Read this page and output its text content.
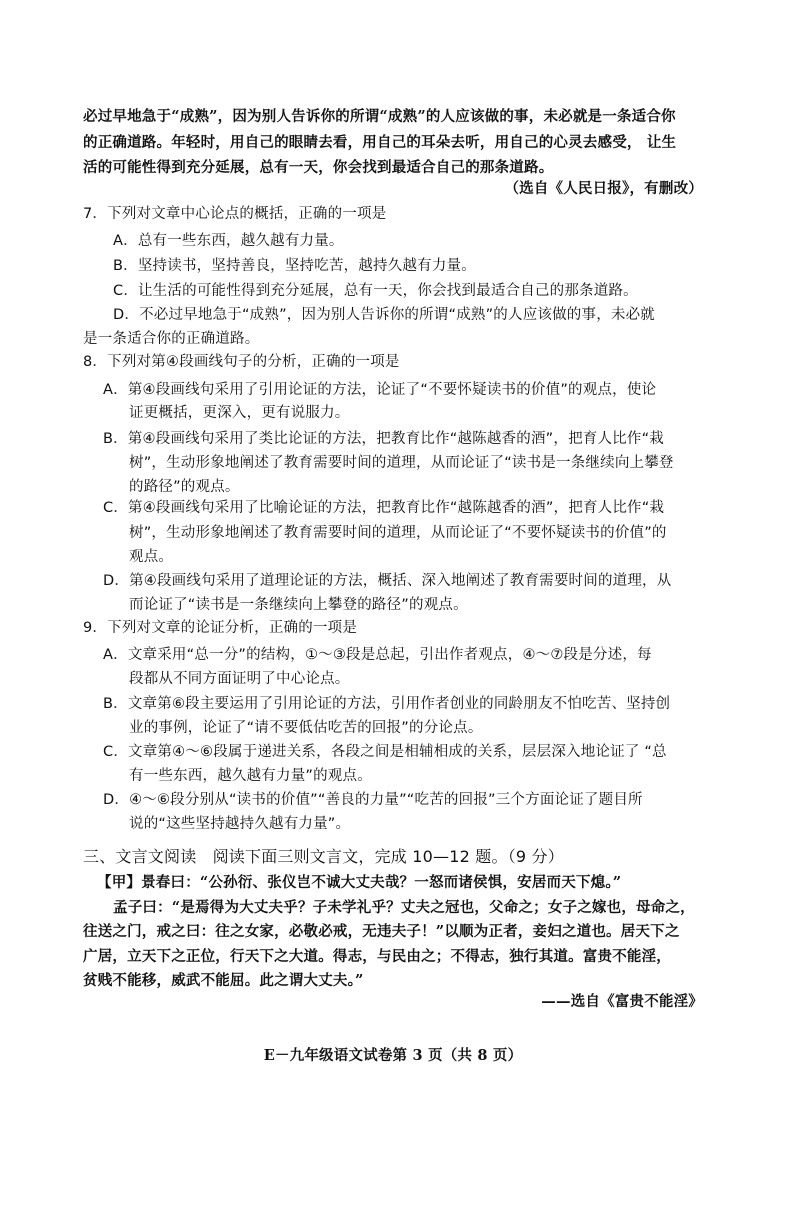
必过早地急于“成熟”，因为别人告诉你的所谓“成熟”的人应该做的事，未必就是一条适合你
的正确道路。年轻时，用自己的眼睛去看，用自己的耳朵去听，用自己的心灵去感受， 让生
活的可能性得到充分延展，总有一天，你会找到最适合自己的那条道路。
（选自《人民日报》，有删改）
7．下列对文章中心论点的概括，正确的一项是
A．总有一些东西，越久越有力量。
B．坚持读书，坚持善良，坚持吃苦，越持久越有力量。
C．让生活的可能性得到充分延展，总有一天，你会找到最适合自己的那条道路。
D．不必过早地急于“成熟”，因为别人告诉你的所谓“成熟”的人应该做的事，未必就
是一条适合你的正确道路。
8．下列对第④段画线句子的分析，正确的一项是
A．第④段画线句采用了引用论证的方法，论证了“不要怀疑读书的价值”的观点，使论
证更概括，更深入，更有说服力。
B．第④段画线句采用了类比论证的方法，把教育比作“越陈越香的酒”，把育人比作“栽
树”，生动形象地阐述了教育需要时间的道理，从而论证了“读书是一条继续向上攀登
的路径”的观点。
C．第④段画线句采用了比喻论证的方法，把教育比作“越陈越香的酒”，把育人比作“栽
树”，生动形象地阐述了教育需要时间的道理，从而论证了“不要怀疑读书的价值”的
观点。
D．第④段画线句采用了道理论证的方法，概括、深入地阐述了教育需要时间的道理，从
而论证了“读书是一条继续向上攀登的路径”的观点。
9．下列对文章的论证分析，正确的一项是
A．文章采用“总一分”的结构，①～③段是总起，引出作者观点，④～⑦段是分述，每
段都从不同方面证明了中心论点。
B．文章第⑥段主要运用了引用论证的方法，引用作者创业的同龄朋友不怕吃苦、坚持创
业的事例，论证了“请不要低估吃苦的回报”的分论点。
C．文章第④～⑥段属于递进关系，各段之间是相辅相成的关系，层层深入地论证了 “总
有一些东西，越久越有力量”的观点。
D．④～⑥段分别从“读书的价值”“善良的力量”“吃苦的回报”三个方面论证了题目所
说的“这些坚持越持久越有力量”。
三、文言文阅读　阅读下面三则文言文，完成 10—12 题。（9 分）
【甲】景春曰：“公孙衍、张仪岂不诚大丈夫哉？一怒而诸侯惧，安居而天下熄。”
孟子曰：“是焉得为大丈夫乎？子未学礼乎？丈夫之冠也，父命之；女子之嫁也，母命之，
往送之门，戒之曰：往之女家，必敬必戒，无违夫子！”以顺为正者，妾妇之道也。居天下之
广居，立天下之正位，行天下之大道。得志，与民由之；不得志，独行其道。富贵不能淫，
贫贱不能移，威武不能屈。此之谓大丈夫。”
——选自《富贵不能淫》
E－九年级语文试卷第 3 页（共 8 页）
